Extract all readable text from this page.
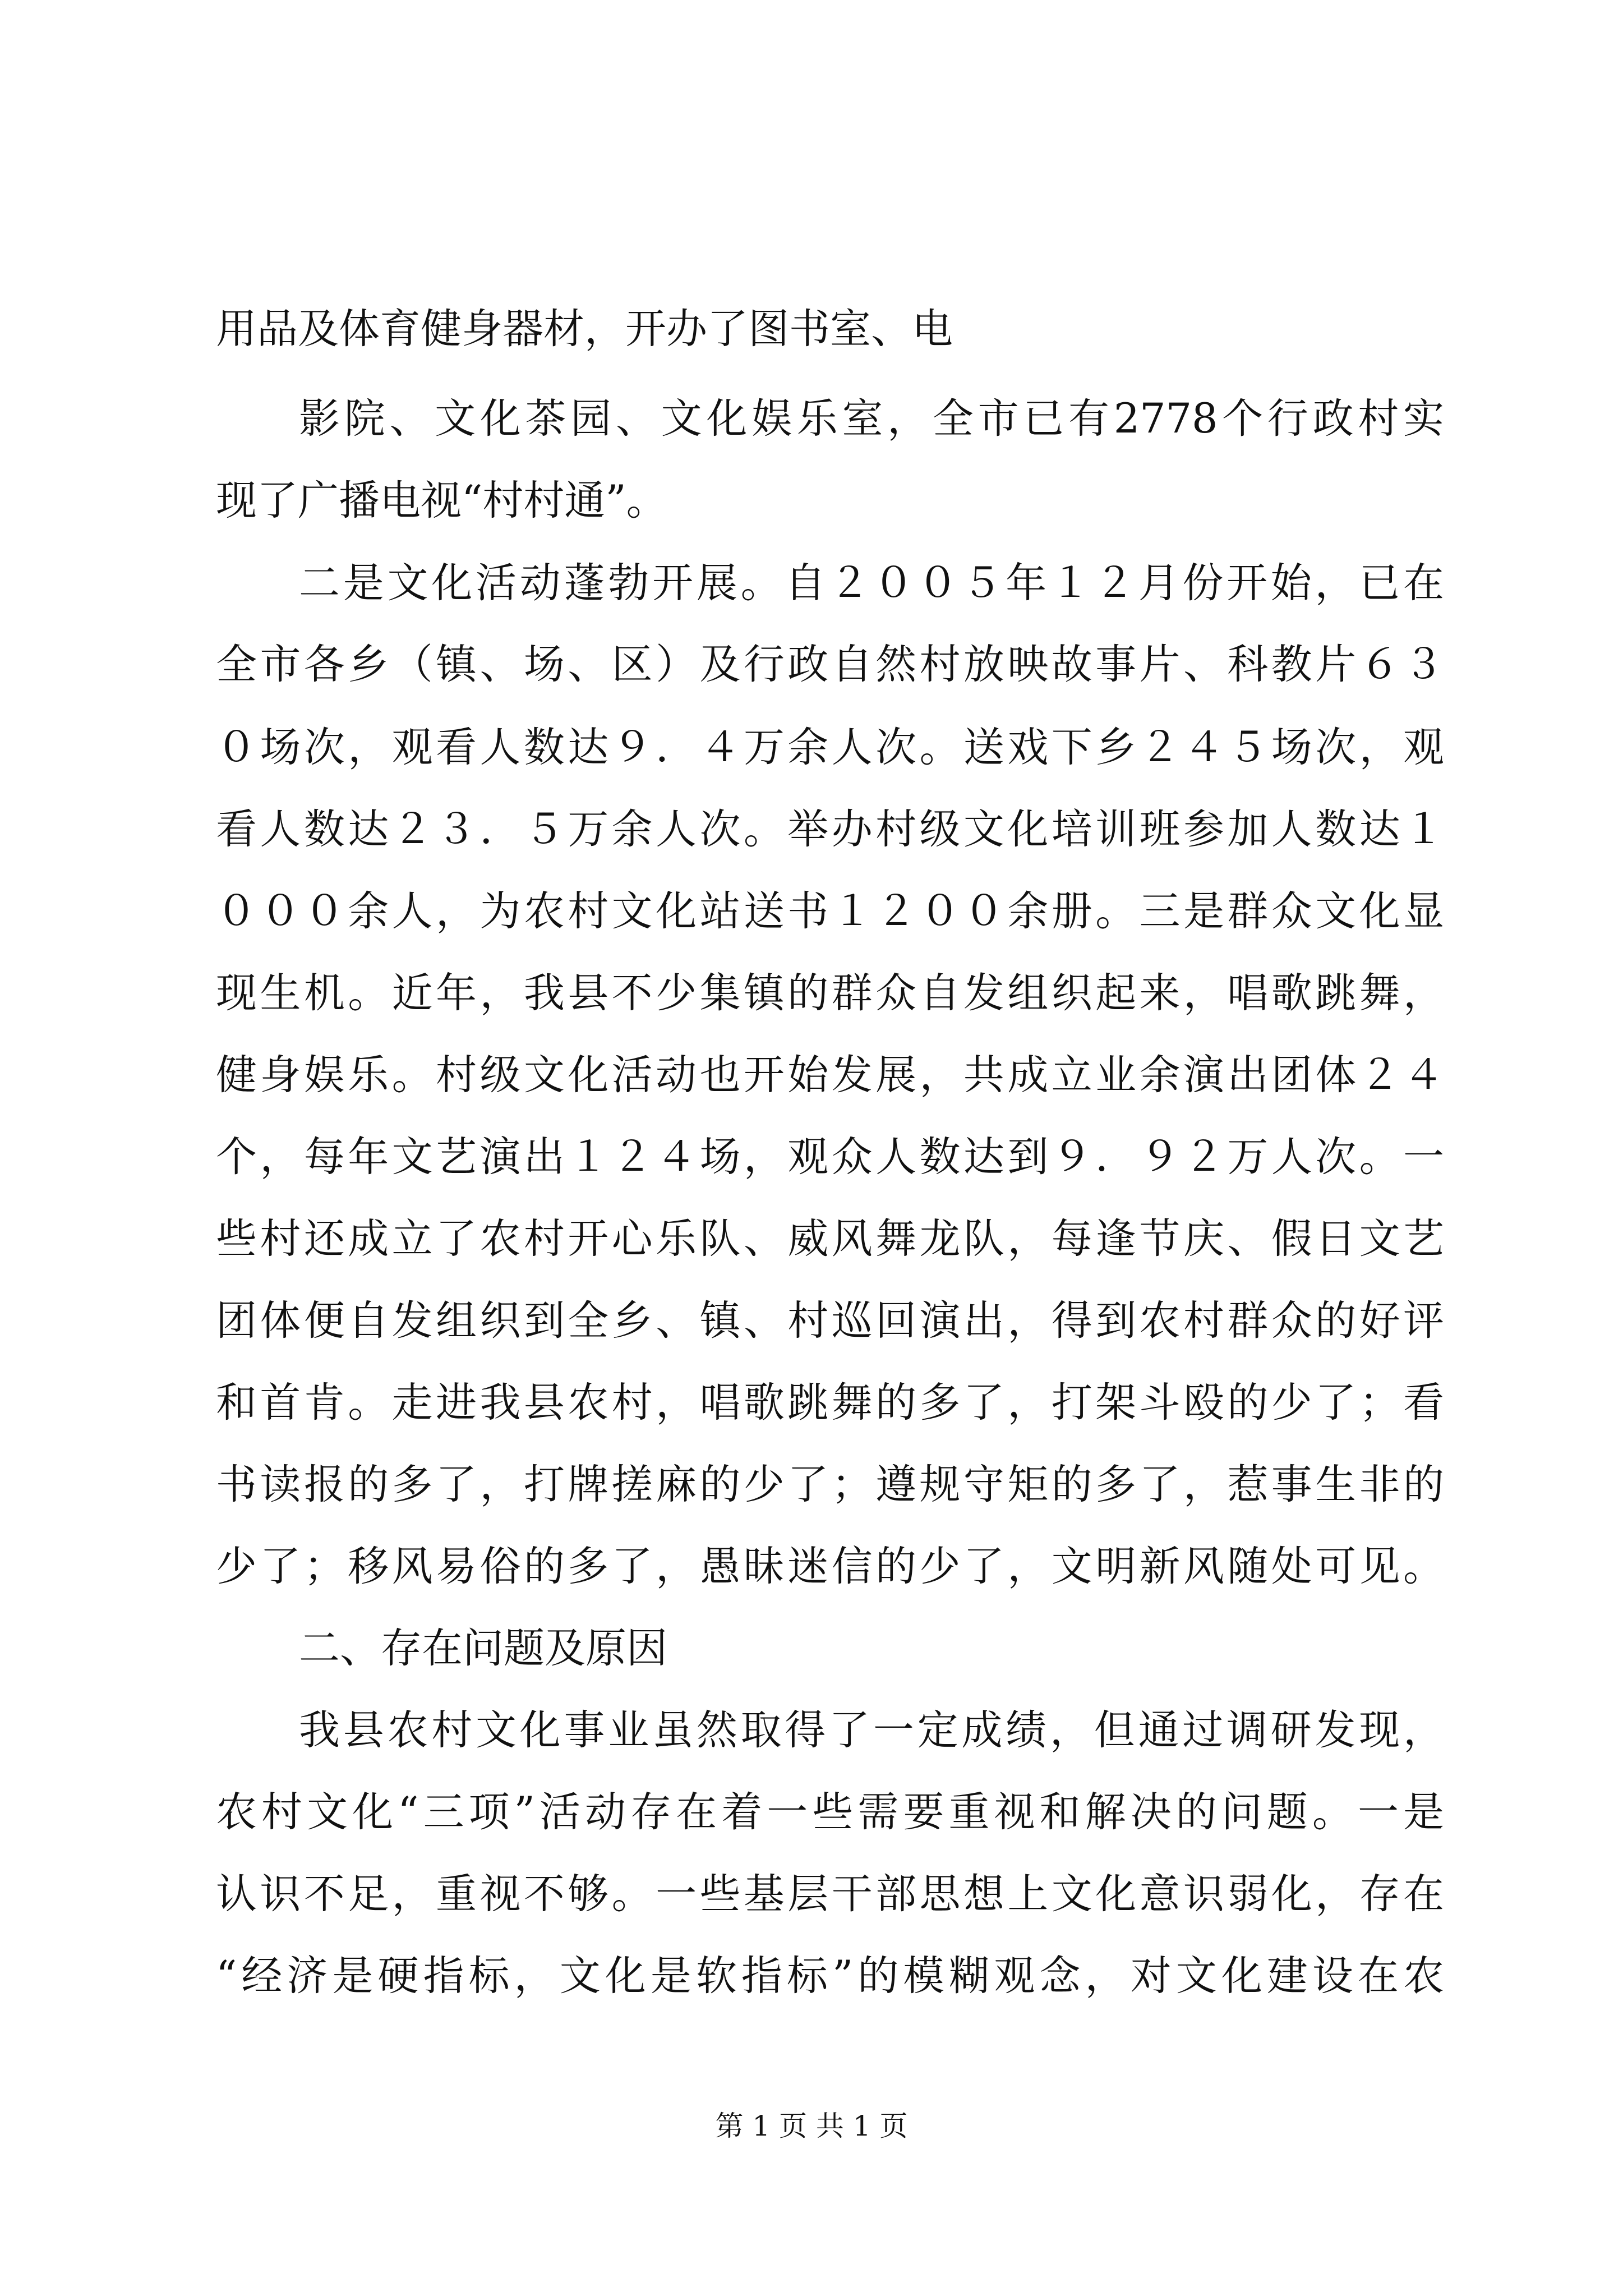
用品及体育健身器材，开办了图书室、电
影院、文化茶园、文化娱乐室，全市已有2778个行政村实
现了广播电视“村村通”。
二是文化活动蓬勃开展。自２００５年１２月份开始，已在
全市各乡（镇、场、区）及行政自然村放映故事片、科教片６３
０场次，观看人数达９．４万余人次。送戏下乡２４５场次，观
看人数达２３．５万余人次。举办村级文化培训班参加人数达１
０００余人，为农村文化站送书１２００余册。三是群众文化显
现生机。近年，我县不少集镇的群众自发组织起来，唱歌跳舞，
健身娱乐。村级文化活动也开始发展，共成立业余演出团体２４
个，每年文艺演出１２４场，观众人数达到９．９２万人次。一
些村还成立了农村开心乐队、威风舞龙队，每逢节庆、假日文艺
团体便自发组织到全乡、镇、村巡回演出，得到农村群众的好评
和首肯。走进我县农村，唱歌跳舞的多了，打架斗殴的少了；看
书读报的多了，打牌搓麻的少了；遵规守矩的多了，惹事生非的
少了；移风易俗的多了，愚昧迷信的少了，文明新风随处可见。
二、存在问题及原因
我县农村文化事业虽然取得了一定成绩，但通过调研发现，
农村文化“三项”活动存在着一些需要重视和解决的问题。一是
认识不足，重视不够。一些基层干部思想上文化意识弱化，存在
“经济是硬指标，文化是软指标”的模糊观念，对文化建设在农
第 1 页 共 1 页
